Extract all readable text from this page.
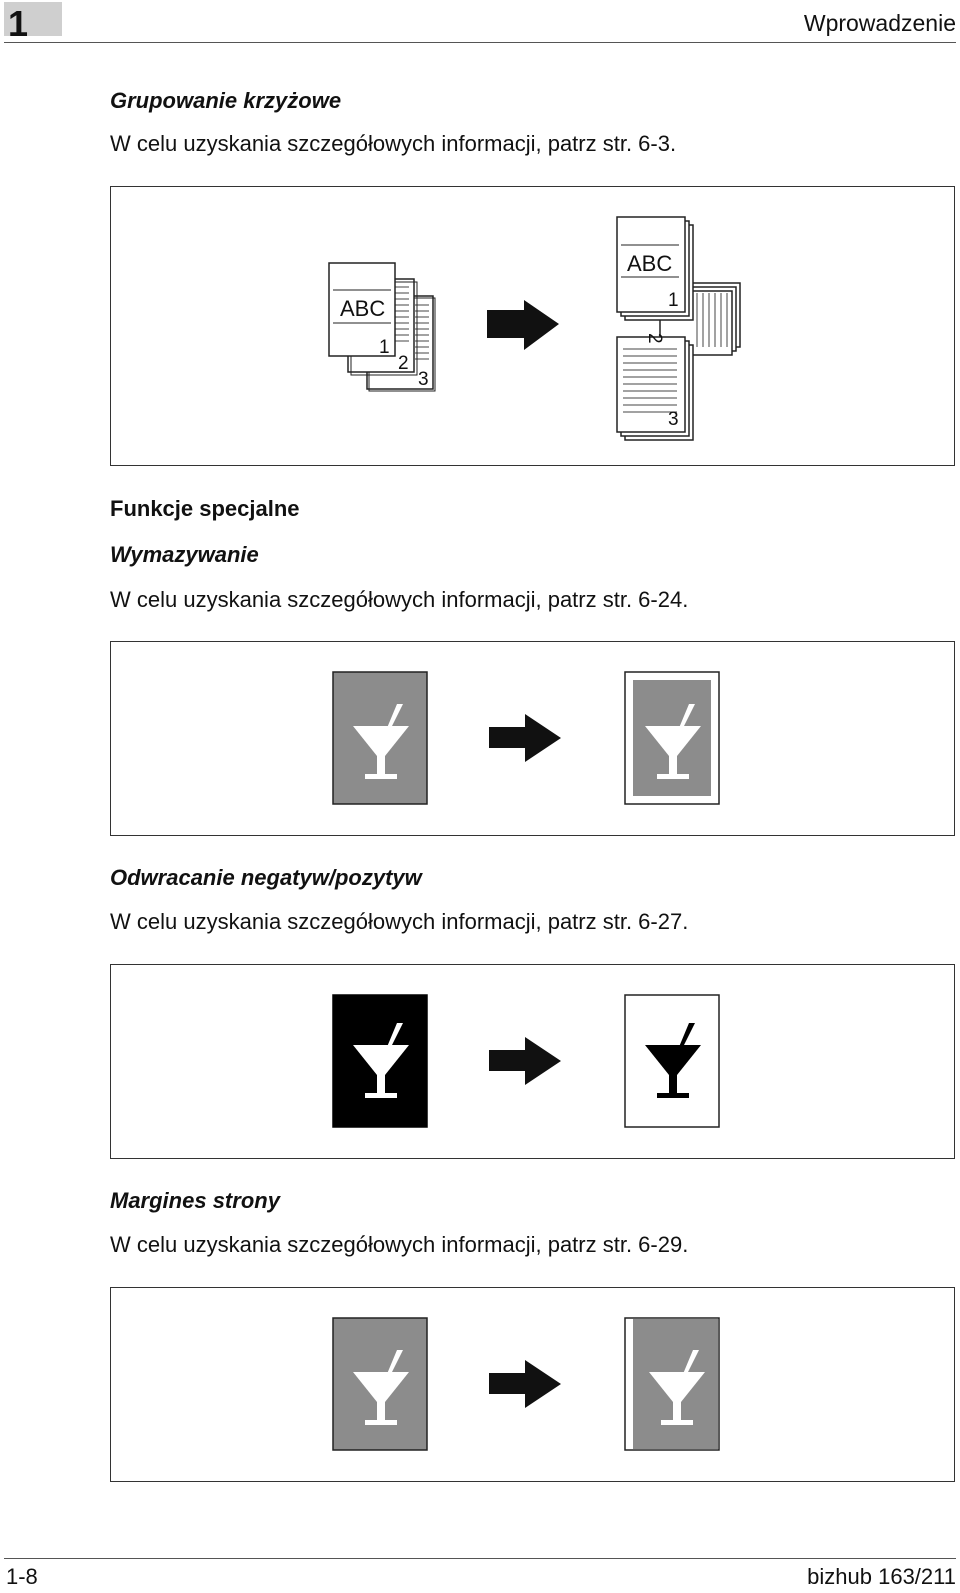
1	Wprowadzenie
Grupowanie krzyżowe
W celu uzyskania szczegółowych informacji, patrz str. 6-3.
ABC
1
2
3
3
ABC
1
2
Funkcje specjalne
Wymazywanie
W celu uzyskania szczegółowych informacji, patrz str. 6-24.
Odwracanie negatyw/pozytyw
W celu uzyskania szczegółowych informacji, patrz str. 6-27.
Margines strony
W celu uzyskania szczegółowych informacji, patrz str. 6-29.
1-8	bizhub 163/211
